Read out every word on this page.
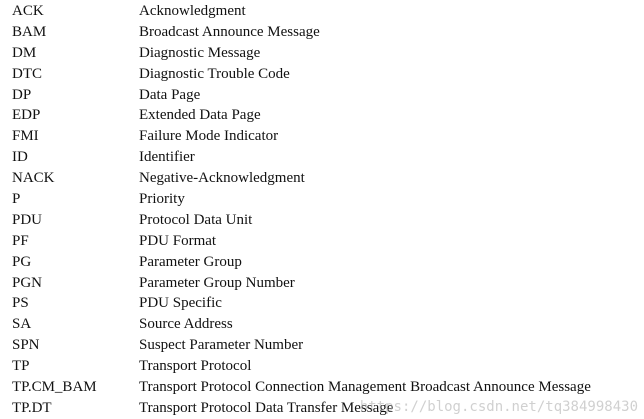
ACK	Acknowledgment
BAM	Broadcast Announce Message
DM	Diagnostic Message
DTC	Diagnostic Trouble Code
DP	Data Page
EDP	Extended Data Page
FMI	Failure Mode Indicator
ID	Identifier
NACK	Negative-Acknowledgment
P	Priority
PDU	Protocol Data Unit
PF	PDU Format
PG	Parameter Group
PGN	Parameter Group Number
PS	PDU Specific
SA	Source Address
SPN	Suspect Parameter Number
TP	Transport Protocol
TP.CM_BAM	Transport Protocol Connection Management Broadcast Announce Message
TP.DT	Transport Protocol Data Transfer Message
https://blog.csdn.net/tq384998430
